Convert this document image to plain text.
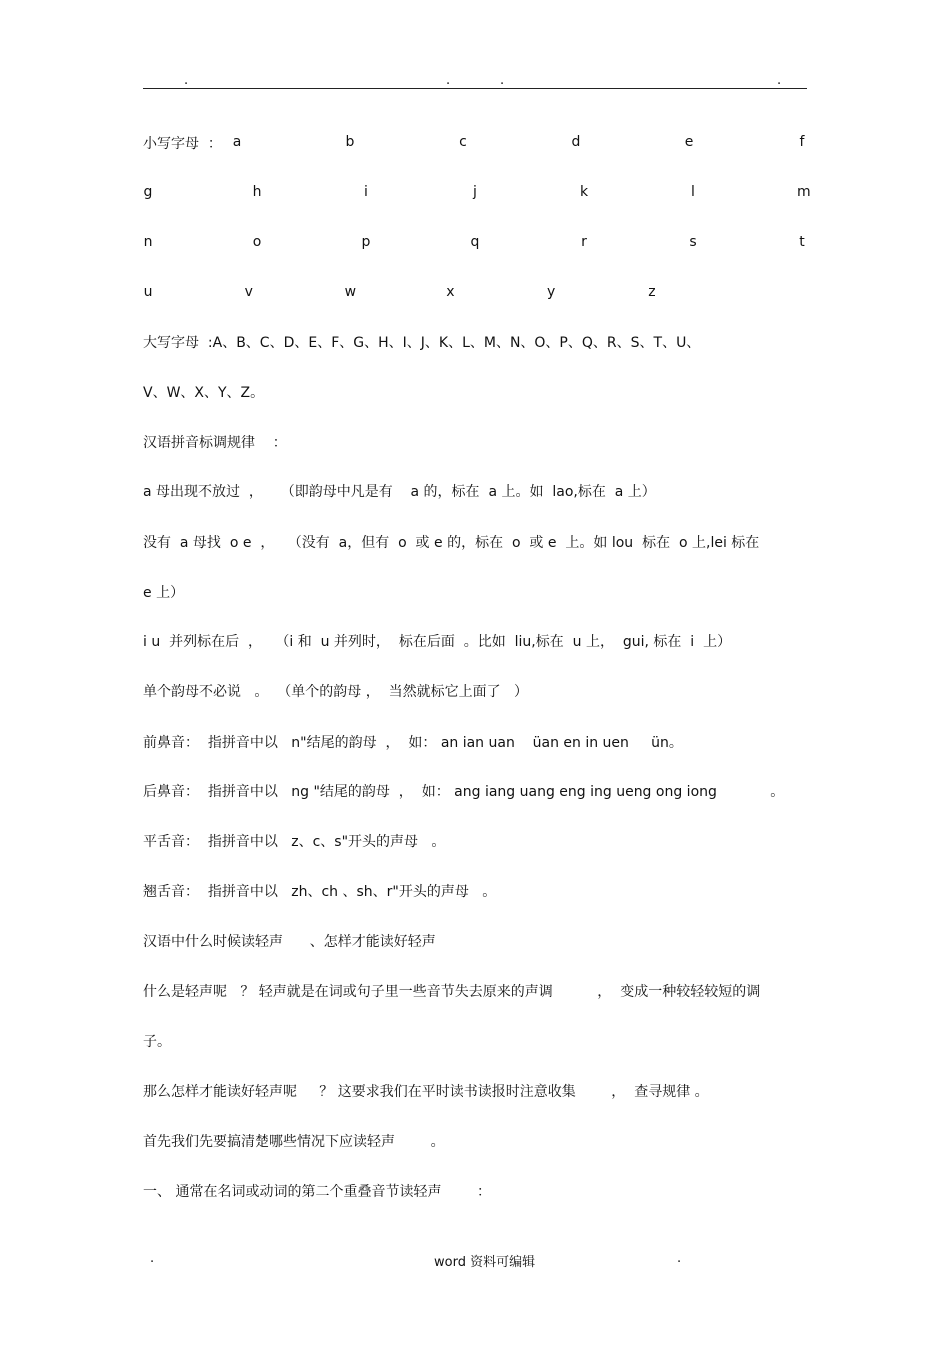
.	.	.	.
小写字母  ： a	b	c	d	e	f
g	h	i	j	k	l	m
n	o	p	q	r	s	t
u	v	w	x	y	z
大写字母  :A、B、C、D、E、F、G、H、I、J、K、L、M、N、O、P、Q、R、S、T、U、
V、W、X、Y、Z。
汉语拼音标调规律    ：
a 母出现不放过  ，    （即韵母中凡是有    a 的，标在  a 上。如  lao,标在  a 上）
没有  a 母找  o e  ，   （没有  a，但有  o  或 e 的，标在  o  或 e  上。如 lou  标在  o 上,lei 标在
e 上）
i u  并列标在后  ，   （i 和  u 并列时，  标在后面  。比如  liu,标在  u 上，  gui, 标在  i  上）
单个韵母不必说   。  （单个的韵母 ，  当然就标它上面了   ）
前鼻音：  指拼音中以   n"结尾的韵母  ，  如： an ian uan    üan en in uen     ün。
后鼻音：  指拼音中以   ng "结尾的韵母  ，  如： ang iang uang eng ing ueng ong iong            。
平舌音：  指拼音中以   z、c、s"开头的声母   。
翘舌音：  指拼音中以   zh、ch 、sh、r"开头的声母   。
汉语中什么时候读轻声      、怎样才能读好轻声
什么是轻声呢   ？ 轻声就是在词或句子里一些音节失去原来的声调          ，  变成一种较轻较短的调
子。
那么怎样才能读好轻声呢     ？ 这要求我们在平时读书读报时注意收集        ，  查寻规律 。
首先我们先要搞清楚哪些情况下应读轻声        。
一、 通常在名词或动词的第二个重叠音节读轻声        ：
.	word 资料可编辑	.
